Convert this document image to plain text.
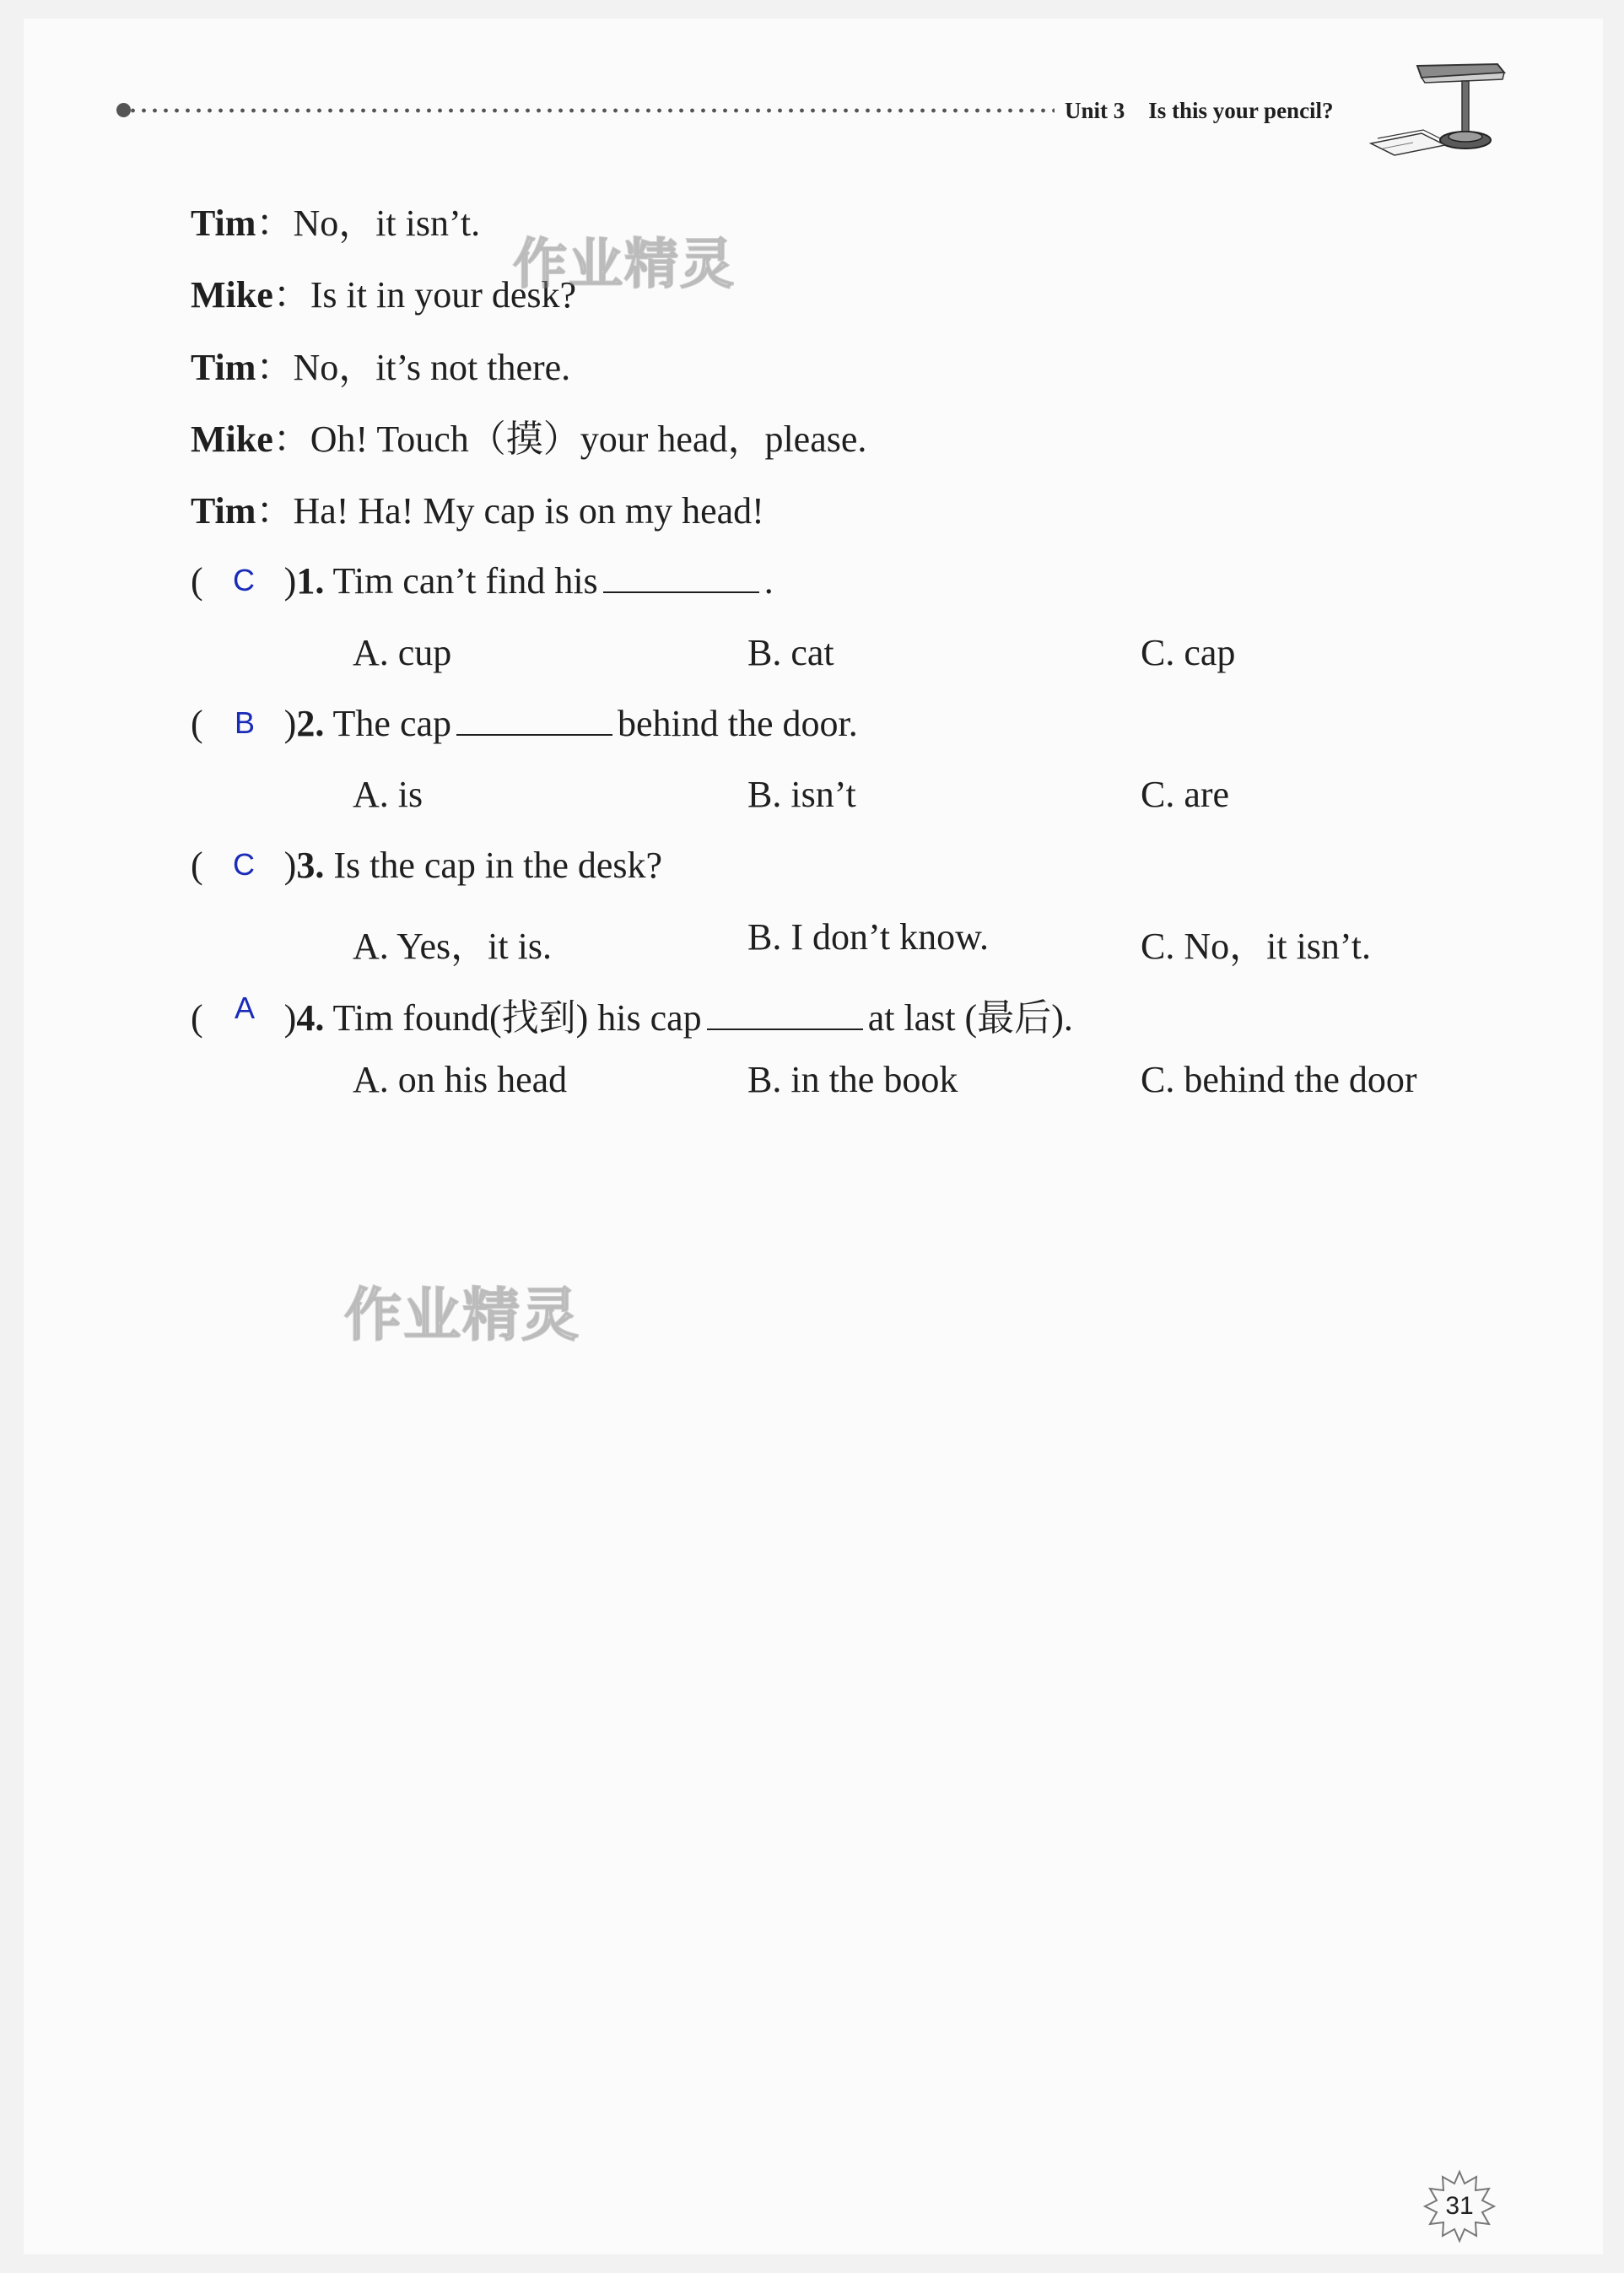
Unit 3 Is this your pencil?
Tim：No，it isn’t.
Mike：Is it in your desk?
Tim：No，it’s not there.
Mike：Oh! Touch（摸）your head，please.
Tim：Ha! Ha! My cap is on my head!
( )1. Tim can’t find his	.
C
A. cup	B. cat	C. cap
( )2. The cap	behind the door.
B
A. is	B. isn’t	C. are
( )3. Is the cap in the desk?
C
A. Yes，it is.	B. I don’t know.	C. No，it isn’t.
( )4. Tim found(找到) his cap	at last (最后).
A
A. on his head	B. in the book	C. behind the door
作业精灵
作业精灵
31
